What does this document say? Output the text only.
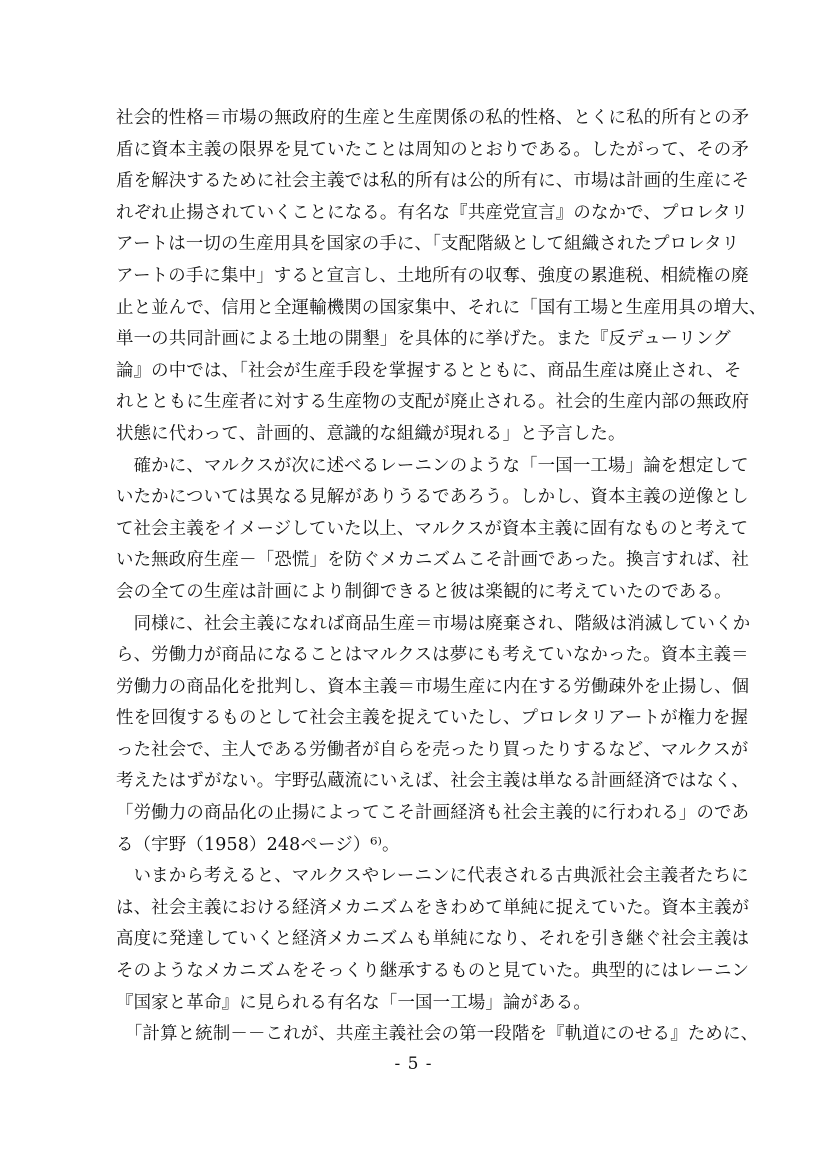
社会的性格＝市場の無政府的生産と生産関係の私的性格、とくに私的所有との矛
盾に資本主義の限界を見ていたことは周知のとおりである。したがって、その矛
盾を解決するために社会主義では私的所有は公的所有に、市場は計画的生産にそ
れぞれ止揚されていくことになる。有名な『共産党宣言』のなかで、プロレタリ
アートは一切の生産用具を国家の手に、「支配階級として組織されたプロレタリ
アートの手に集中」すると宣言し、土地所有の収奪、強度の累進税、相続権の廃
止と並んで、信用と全運輸機関の国家集中、それに「国有工場と生産用具の増大、
単一の共同計画による土地の開墾」を具体的に挙げた。また『反デューリング
論』の中では、「社会が生産手段を掌握するとともに、商品生産は廃止され、そ
れとともに生産者に対する生産物の支配が廃止される。社会的生産内部の無政府
状態に代わって、計画的、意識的な組織が現れる」と予言した。
　確かに、マルクスが次に述べるレーニンのような「一国一工場」論を想定して
いたかについては異なる見解がありうるであろう。しかし、資本主義の逆像とし
て社会主義をイメージしていた以上、マルクスが資本主義に固有なものと考えて
いた無政府生産－「恐慌」を防ぐメカニズムこそ計画であった。換言すれば、社
会の全ての生産は計画により制御できると彼は楽観的に考えていたのである。
　同様に、社会主義になれば商品生産＝市場は廃棄され、階級は消滅していくか
ら、労働力が商品になることはマルクスは夢にも考えていなかった。資本主義＝
労働力の商品化を批判し、資本主義＝市場生産に内在する労働疎外を止揚し、個
性を回復するものとして社会主義を捉えていたし、プロレタリアートが権力を握
った社会で、主人である労働者が自らを売ったり買ったりするなど、マルクスが
考えたはずがない。宇野弘蔵流にいえば、社会主義は単なる計画経済ではなく、
「労働力の商品化の止揚によってこそ計画経済も社会主義的に行われる」のであ
る（宇野（1958）248ページ）⁶⁾。
　いまから考えると、マルクスやレーニンに代表される古典派社会主義者たちに
は、社会主義における経済メカニズムをきわめて単純に捉えていた。資本主義が
高度に発達していくと経済メカニズムも単純になり、それを引き継ぐ社会主義は
そのようなメカニズムをそっくり継承するものと見ていた。典型的にはレーニン
『国家と革命』に見られる有名な「一国一工場」論がある。
　「計算と統制－－これが、共産主義社会の第一段階を『軌道にのせる』ために、
- 5 -
